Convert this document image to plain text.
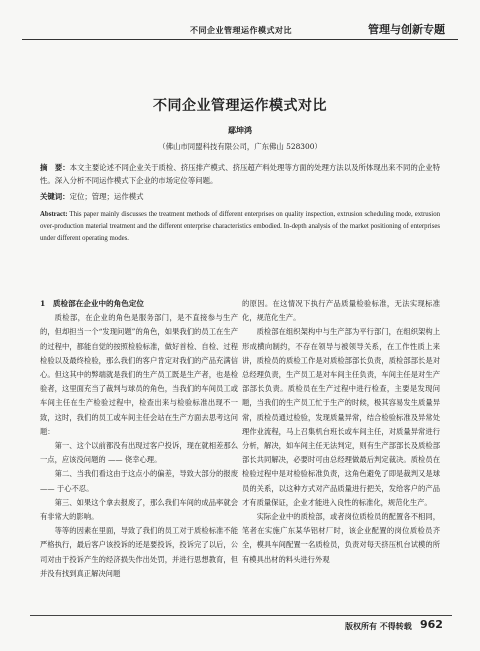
不同企业管理运作模式对比	管理与创新专题
不同企业管理运作模式对比
鄢坤鸿
（佛山市同盟科技有限公司，广东佛山 528300）
摘　要：本文主要论述不同企业关于质检、挤压排产模式、挤压超产料处理等方面的处理方法以及所体现出来不同的企业特性。深入分析不同运作模式下企业的市场定位等问题。
关键词：定位；管理；运作模式
Abstract: This paper mainly discusses the treatment methods of different enterprises on quality inspection, extrusion scheduling mode, extrusion over-production material treatment and the different enterprise characteristics embodied. In-depth analysis of the market positioning of enterprises under different operating modes.

1　质检部在企业中的角色定位

质检部，在企业的角色是服务部门，是不直接参与生产的，但却担当一个“发现问题”的角色，如果我们的员工在生产的过程中，都能自觉的按照检验标准，做好首检、自检、过程检验以及最终检验，那么我们的客户肯定对我们的产品充满信心。但这其中的弊端就是我们的生产员工既是生产者，也是检验者，这里面充当了裁判与球员的角色，当我们的车间员工或车间主任在生产检验过程中，检查出来与检验标准出现不一致，这时，我们的员工或车间主任会站在生产方面去思考这问题：

第一、这个以前都没有出现过客户投诉，现在就相差那么一点，应该没问题的 —— 侥幸心理。

第二、当我们看这由于这点小的偏差，导致大部分的报废 —— 于心不忍。

第三、如果这个拿去报废了，那么我们车间的成品率就会有非常大的影响。

等等的因素在里面，导致了我们的员工对于质检标准不能严格执行，最后客户该投诉的还是要投诉，投诉完了以后，公司对由于投诉产生的经济损失作出处罚，并进行思想教育，但并没有找到真正解决问题

的原因。在这情况下执行产品质量检验标准，无法实现标准化，规范化生产。

质检部在组织架构中与生产部为平行部门，在组织架构上形成横向制约，不存在领导与被领导关系，在工作性质上来讲，质检员的质检工作是对质检部部长负责，质检部部长是对总经理负责，生产员工是对车间主任负责，车间主任是对生产部部长负责。质检员在生产过程中进行检查，主要是发现问题，当我们的生产员工忙于生产的时候，极其容易发生质量异常，质检员通过检验，发现质量异常，结合检验标准及异常处理作业流程，马上召集机台班长或车间主任，对质量异常进行分析，解决，如车间主任无法判定，则有生产部部长及质检部部长共同解决，必要时可由总经理做最后判定裁决。质检员在检验过程中是对检验标准负责，这角色避免了即是裁判又是球员的关系，以这种方式对产品质量进行把关，发给客户的产品才有质量保证，企业才能进入良性的标准化，规范化生产。

实际企业中的质检部，或者岗位质检员的配置各不相同，笔者在实施广东某华铝材厂时，该企业配置的岗位质检员齐全，模具车间配置一名质检员，负责对每天挤压机台试模的所有模具出材的料头进行外观

版权所有 不得转载 962
